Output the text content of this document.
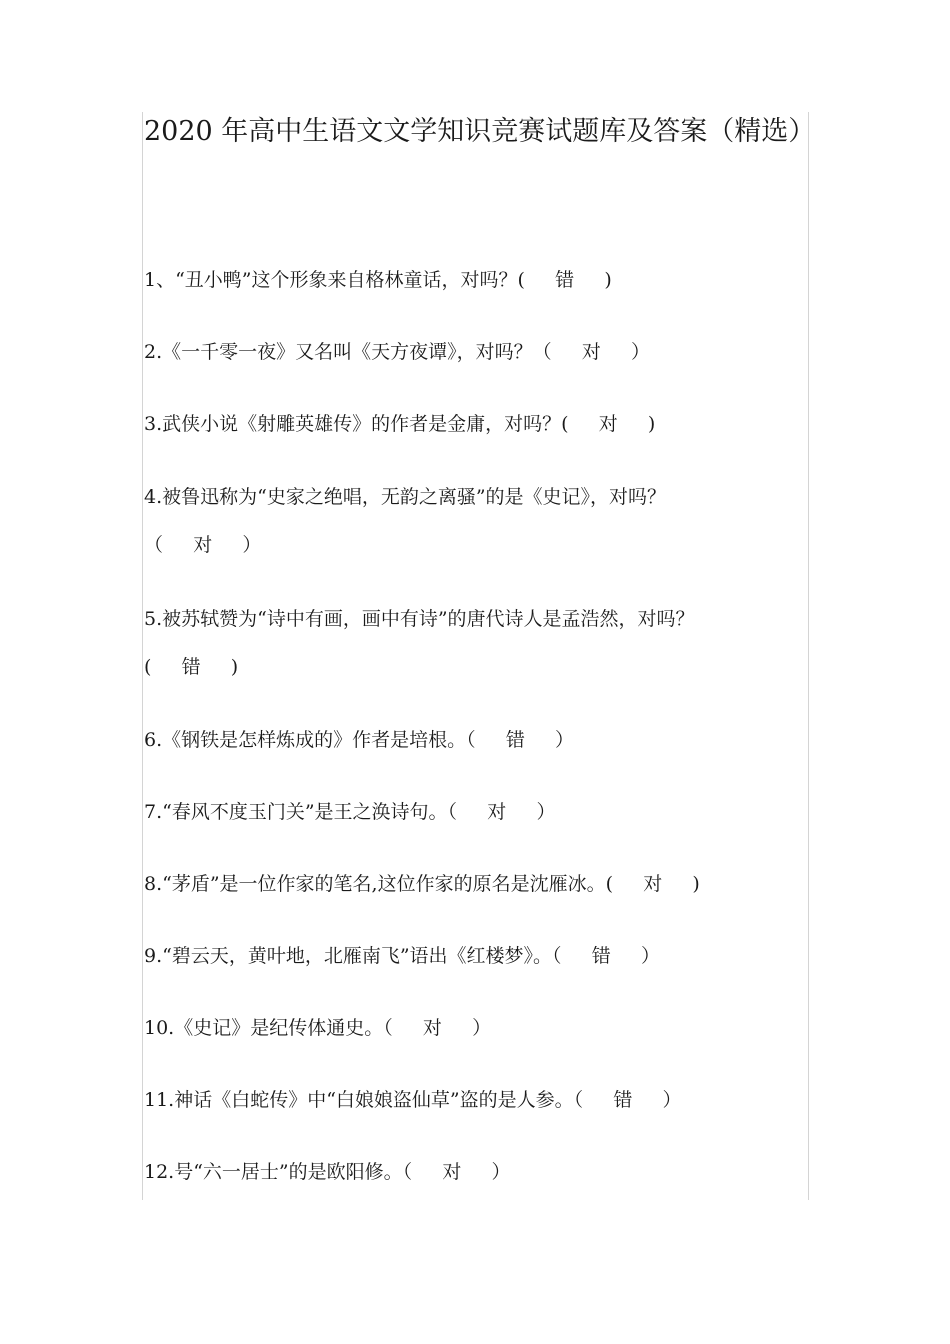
2020 年高中生语文文学知识竞赛试题库及答案（精选）
1、“丑小鸭”这个形象来自格林童话，对吗？(     错     )
2.《一千零一夜》又名叫《天方夜谭》，对吗？（     对     ）
3.武侠小说《射雕英雄传》的作者是金庸，对吗？(     对     )
4.被鲁迅称为“史家之绝唱，无韵之离骚”的是《史记》，对吗？
（     对     ）
5.被苏轼赞为“诗中有画，画中有诗”的唐代诗人是孟浩然，对吗？
(     错     )
6.《钢铁是怎样炼成的》作者是培根。（     错     ）
7.“春风不度玉门关”是王之涣诗句。（     对     ）
8.“茅盾”是一位作家的笔名,这位作家的原名是沈雁冰。(     对     )
9.“碧云天，黄叶地，北雁南飞”语出《红楼梦》。（     错     ）
10.《史记》是纪传体通史。（     对     ）
11.神话《白蛇传》中“白娘娘盗仙草”盗的是人参。（     错     ）
12.号“六一居士”的是欧阳修。（     对     ）
